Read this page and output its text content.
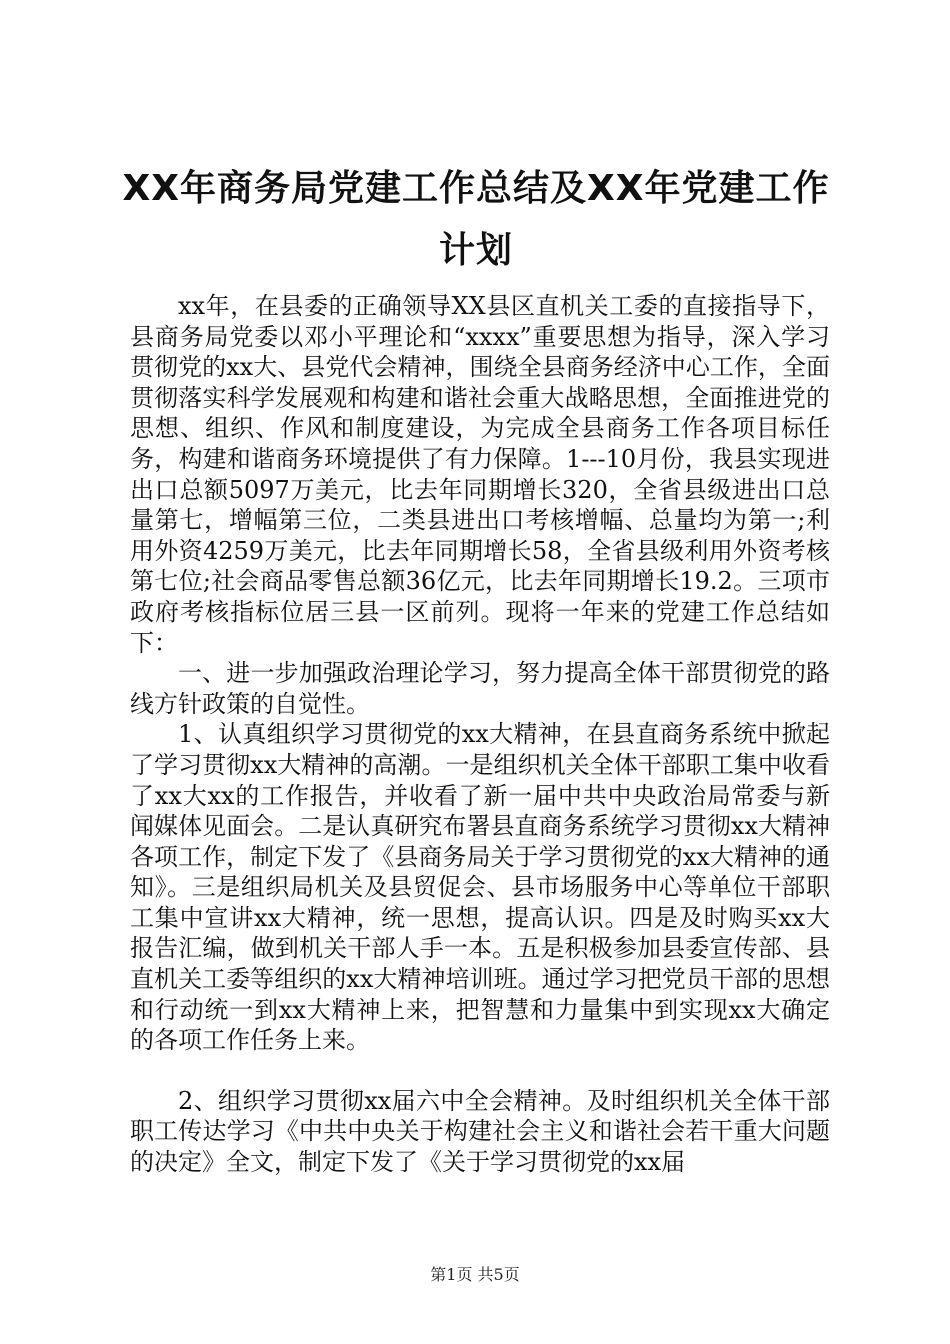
XX年商务局党建工作总结及XX年党建工作计划

xx年，在县委的正确领导XX县区直机关工委的直接指导下，县商务局党委以邓小平理论和“xxxx”重要思想为指导，深入学习贯彻党的xx大、县党代会精神，围绕全县商务经济中心工作，全面贯彻落实科学发展观和构建和谐社会重大战略思想，全面推进党的思想、组织、作风和制度建设，为完成全县商务工作各项目标任务，构建和谐商务环境提供了有力保障。1---10月份，我县实现进出口总额5097万美元，比去年同期增长320，全省县级进出口总量第七，增幅第三位，二类县进出口考核增幅、总量均为第一;利用外资4259万美元，比去年同期增长58，全省县级利用外资考核第七位;社会商品零售总额36亿元，比去年同期增长19.2。三项市政府考核指标位居三县一区前列。现将一年来的党建工作总结如下：

一、进一步加强政治理论学习，努力提高全体干部贯彻党的路线方针政策的自觉性。

1、认真组织学习贯彻党的xx大精神，在县直商务系统中掀起了学习贯彻xx大精神的高潮。一是组织机关全体干部职工集中收看了xx大xx的工作报告，并收看了新一届中共中央政治局常委与新闻媒体见面会。二是认真研究布署县直商务系统学习贯彻xx大精神各项工作，制定下发了《县商务局关于学习贯彻党的xx大精神的通知》。三是组织局机关及县贸促会、县市场服务中心等单位干部职工集中宣讲xx大精神，统一思想，提高认识。四是及时购买xx大报告汇编，做到机关干部人手一本。五是积极参加县委宣传部、县直机关工委等组织的xx大精神培训班。通过学习把党员干部的思想和行动统一到xx大精神上来，把智慧和力量集中到实现xx大确定的各项工作任务上来。

2、组织学习贯彻xx届六中全会精神。及时组织机关全体干部职工传达学习《中共中央关于构建社会主义和谐社会若干重大问题的决定》全文，制定下发了《关于学习贯彻党的xx届

第1页 共5页
